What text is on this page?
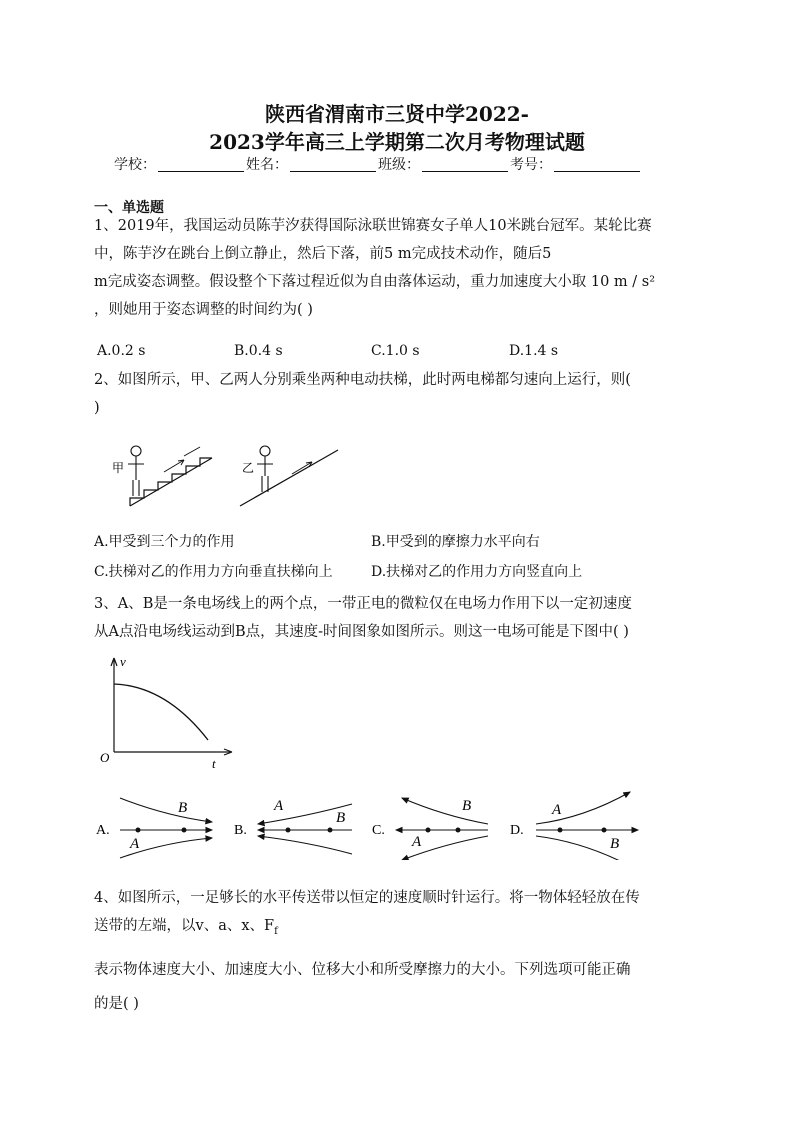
陕西省渭南市三贤中学2022-
2023学年高三上学期第二次月考物理试题
学校：	姓名：	班级：	考号：
一、单选题
1、2019年，我国运动员陈芋汐获得国际泳联世锦赛女子单人10米跳台冠军。某轮比赛
中，陈芋汐在跳台上倒立静止，然后下落，前5 m完成技术动作，随后5
m完成姿态调整。假设整个下落过程近似为自由落体运动，重力加速度大小取 10 m / s²
，则她用于姿态调整的时间约为( )
A.0.2 s	B.0.4 s	C.1.0 s	D.1.4 s
2、如图所示，甲、乙两人分别乘坐两种电动扶梯，此时两电梯都匀速向上运行，则(
)
甲	乙
A.甲受到三个力的作用	B.甲受到的摩擦力水平向右
C.扶梯对乙的作用力方向垂直扶梯向上	D.扶梯对乙的作用力方向竖直向上
3、A、B是一条电场线上的两个点，一带正电的微粒仅在电场力作用下以一定初速度
从A点沿电场线运动到B点，其速度-时间图象如图所示。则这一电场可能是下图中( )
v
t
O
A.
B
A
B.
A
B
C.
B
A
D.
A
B
4、如图所示，一足够长的水平传送带以恒定的速度顺时针运行。将一物体轻轻放在传
送带的左端，以v、a、x、$F_f$
表示物体速度大小、加速度大小、位移大小和所受摩擦力的大小。下列选项可能正确
的是( )
